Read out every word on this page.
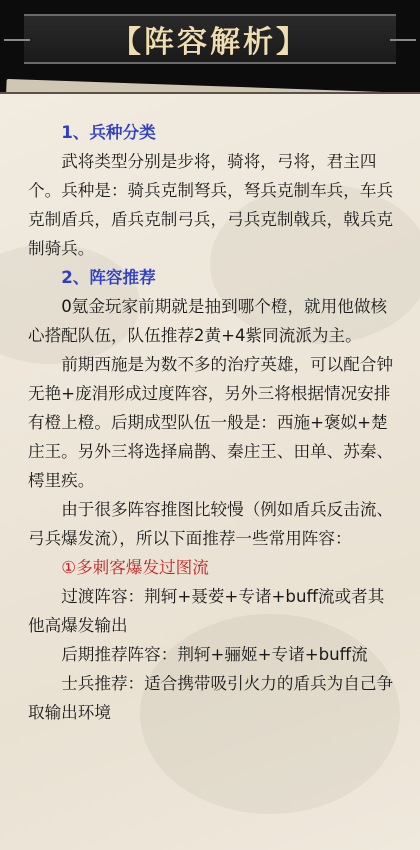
【阵容解析】
1、兵种分类
武将类型分别是步将，骑将，弓将，君主四个。兵种是：骑兵克制弩兵，弩兵克制车兵，车兵克制盾兵，盾兵克制弓兵，弓兵克制戟兵，戟兵克制骑兵。
2、阵容推荐
0氪金玩家前期就是抽到哪个橙，就用他做核心搭配队伍，队伍推荐2黄+4紫同流派为主。
前期西施是为数不多的治疗英雄，可以配合钟无艳+庞涓形成过度阵容，另外三将根据情况安排有橙上橙。后期成型队伍一般是：西施+褒姒+楚庄王。另外三将选择扁鹊、秦庄王、田单、苏秦、樗里疾。
由于很多阵容推图比较慢（例如盾兵反击流、弓兵爆发流），所以下面推荐一些常用阵容：
①多刺客爆发过图流
过渡阵容：荆轲+聂荌+专诸+buff流或者其他高爆发输出
后期推荐阵容：荆轲+骊姬+专诸+buff流
士兵推荐：适合携带吸引火力的盾兵为自己争取输出环境
